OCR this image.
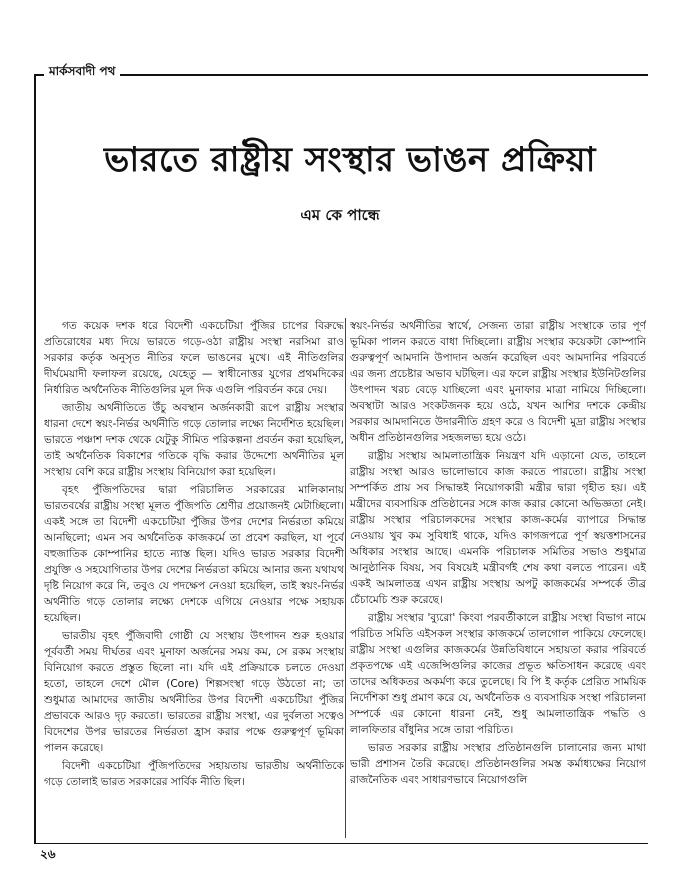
মার্কসবাদী পথ
ভারতে রাষ্ট্রীয় সংস্থার ভাঙন প্রক্রিয়া
এম কে পান্ধে

গত কয়েক দশক ধরে বিদেশী একচেটিয়া পুঁজির চাপের বিরুদ্ধে প্রতিরোধের মধ্য দিয়ে ভারতে গড়ে-ওঠা রাষ্ট্রীয় সংস্থা নরসিমা রাও সরকার কর্তৃক অনুসৃত নীতির ফলে ভাঙনের মুখে। এই নীতিগুলির দীর্ঘমেয়াদী ফলাফল রয়েছে, যেহেতু — স্বাধীনোত্তর যুগের প্রথমদিকের নির্ধারিত অর্থনৈতিক নীতিগুলির মূল দিক এগুলি পরিবর্তন করে দেয়।

জাতীয় অর্থনীতিতে উঁচু অবস্থান অর্জনকারী রূপে রাষ্ট্রীয় সংস্থার ধারনা দেশে স্বয়ং-নির্ভর অর্থনীতি গড়ে তোলার লক্ষ্যে নির্দেশিত হয়েছিল। ভারতে পঞ্চাশ দশক থেকে যেটুকু সীমিত পরিকল্পনা প্রবর্তন করা হয়েছিল, তাই অর্থনৈতিক বিকাশের গতিকে বৃদ্ধি করার উদ্দেশ্যে অর্থনীতির মূল সংস্থায় বেশি করে রাষ্ট্রীয় সংস্থায় বিনিয়োগ করা হয়েছিল।

বৃহৎ পুঁজিপতিদের দ্বারা পরিচালিত সরকারের মালিকানায় ভারতবর্ষের রাষ্ট্রীয় সংস্থা মূলত পুঁজিপতি শ্রেণীর প্রয়োজনই মেটাচ্ছিলো। একই সঙ্গে তা বিদেশী একচেটিয়া পুঁজির উপর দেশের নির্ভরতা কমিয়ে আনছিলো; এমন সব অর্থনৈতিক কাজকর্মে তা প্রবেশ করছিল, যা পূর্বে বহুজাতিক কোম্পানির হাতে ন্যাস্ত ছিল। যদিও ভারত সরকার বিদেশী প্রযুক্তি ও সহযোগিতার উপর দেশের নির্ভরতা কমিয়ে আনার জন্য যথাযথ দৃষ্টি নিয়োগ করে নি, তবুও যে পদক্ষেপ নেওয়া হয়েছিল, তাই স্বয়ং-নির্ভর অর্থনীতি গড়ে তোলার লক্ষ্যে দেশকে এগিয়ে নেওয়ার পক্ষে সহায়ক হয়েছিল।

ভারতীয় বৃহৎ পুঁজিবাদী গোষ্ঠী যে সংস্থায় উৎপাদন শুরু হওয়ার পূর্ববর্তী সময় দীর্ঘতর এবং মুনাফা অর্জনের সময় কম, সে রকম সংস্থায় বিনিয়োগ করতে প্রস্তুত ছিলো না। যদি এই প্রক্রিয়াকে চলতে দেওয়া হতো, তাহলে দেশে মৌল (Core) শিল্পসংস্থা গড়ে উঠতো না; তা শুধুমাত্র আমাদের জাতীয় অর্থনীতির উপর বিদেশী একচেটিয়া পুঁজির প্রভাবকে আরও দৃঢ় করতো। ভারতের রাষ্ট্রীয় সংস্থা, এর দুর্বলতা সত্বেও বিদেশের উপর ভারতের নির্ভরতা হ্রাস করার পক্ষে গুরুত্বপূর্ণ ভূমিকা পালন করেছে।

বিদেশী একচেটিয়া পুঁজিপতিদের সহায়তায় ভারতীয় অর্থনীতিকে গড়ে তোলাই ভারত সরকারের সার্বিক নীতি ছিল।

স্বয়ং-নির্ভর অর্থনীতির স্বার্থে, সেজন্য তারা রাষ্ট্রীয় সংস্থাকে তার পূর্ণ ভূমিকা পালন করতে বাধা দিচ্ছিলো। রাষ্ট্রীয় সংস্থার কয়েকটা কোম্পানি গুরুত্বপূর্ণ আমদানি উপাদান অর্জন করেছিল এবং আমদানির পরিবর্তে এর জন্য প্রচেষ্টার অভাব ঘটছিল। এর ফলে রাষ্ট্রীয় সংস্থার ইউনিটগুলির উৎপাদন খরচ বেড়ে যাচ্ছিলো এবং মুনাফার মাত্রা নামিয়ে দিচ্ছিলো। অবস্থাটা আরও সংকটজনক হয়ে ওঠে, যখন আশির দশকে কেন্দ্রীয় সরকার আমদানিতে উদারনীতি গ্রহণ করে ও বিদেশী মুদ্রা রাষ্ট্রীয় সংস্থার অধীন প্রতিষ্ঠানগুলির সহজলভ্য হয়ে ওঠে।

রাষ্ট্রীয় সংস্থায় আমলাতান্ত্রিক নিয়ন্ত্রণ যদি এড়ানো যেত, তাহলে রাষ্ট্রীয় সংস্থা আরও ভালোভাবে কাজ করতে পারতো। রাষ্ট্রীয় সংস্থা সম্পর্কিত প্রায় সব সিদ্ধান্তই নিয়োগকারী মন্ত্রীর দ্বারা গৃহীত হয়। এই মন্ত্রীদের ব্যবসায়িক প্রতিষ্ঠানের সঙ্গে কাজ করার কোনো অভিজ্ঞতা নেই। রাষ্ট্রীয় সংস্থার পরিচালকদের সংস্থার কাজ-কর্মের ব্যাপারে সিদ্ধান্ত নেওয়ায় খুব কম সুবিধাই থাকে, যদিও কাগজপত্রে পূর্ণ স্বয়ত্তশাসনের অধিকার সংস্থার আছে। এমনকি পরিচালক সমিতির সভাও শুধুমাত্র আনুষ্ঠানিক বিষয়, সব বিষয়েই মন্ত্রীবর্গই শেষ কথা বলতে পারেন। এই একই আমলাতন্ত্র এখন রাষ্ট্রীয় সংস্থায় অপটু কাজকর্মের সম্পর্কে তীব্র চেঁচামেচি শুরু করেছে।

রাষ্ট্রীয় সংস্থার 'ব্যুরো' কিংবা পরবর্তীকালে রাষ্ট্রীয় সংস্থা বিভাগ নামে পরিচিত সমিতি এইসকল সংস্থার কাজকর্মে তালগোল পাকিয়ে ফেলেছে। রাষ্ট্রীয় সংস্থা এগুলির কাজকর্মের উন্নতিবিধানে সহায়তা করার পরিবর্তে প্রকৃতপক্ষে এই এজেন্সিগুলির কাজের প্রভূত ক্ষতিসাধন করেছে এবং তাদের অধিকতর অকর্মণ্য করে তুলেছে। বি পি ই কর্তৃক প্রেরিত সাময়িক নির্দেশিকা শুধু প্রমাণ করে যে, অর্থনৈতিক ও ব্যবসায়িক সংস্থা পরিচালনা সম্পর্কে এর কোনো ধারনা নেই, শুধু আমলাতান্ত্রিক পদ্ধতি ও লালফিতার বাঁধুনির সঙ্গে তারা পরিচিত।

ভারত সরকার রাষ্ট্রীয় সংস্থার প্রতিষ্ঠানগুলি চালানোর জন্য মাথা ভারী প্রশাসন তৈরি করেছে। প্রতিষ্ঠানগুলির সমস্ত কর্মাধ্যক্ষের নিয়োগ রাজনৈতিক এবং সাধারণভাবে নিয়োগগুলি

২৬
